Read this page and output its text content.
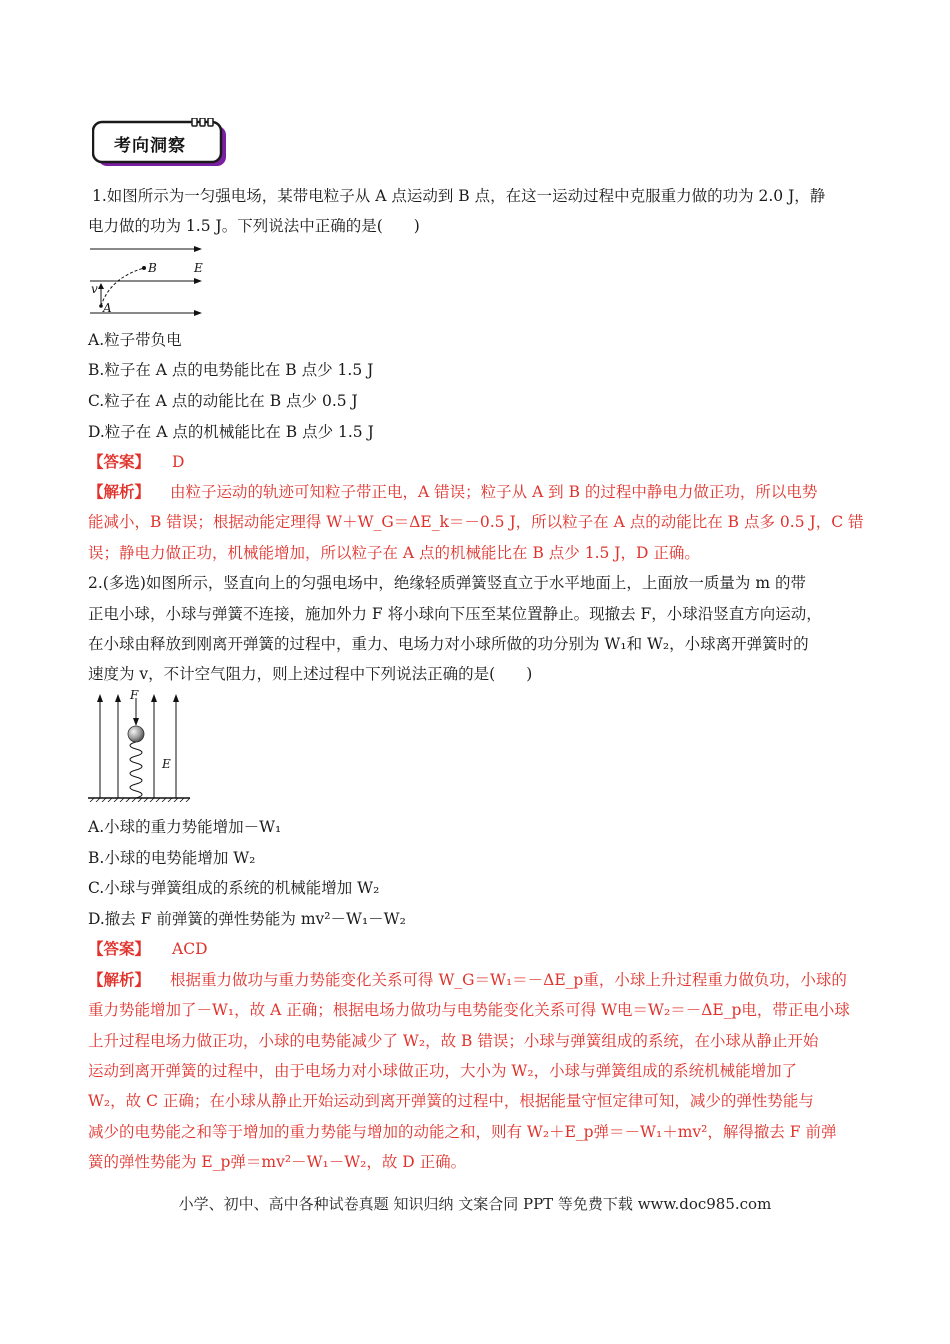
考向洞察
1.如图所示为一匀强电场，某带电粒子从 A 点运动到 B 点，在这一运动过程中克服重力做的功为 2.0 J，静
电力做的功为 1.5 J。下列说法中正确的是(　　)
B	E
v
A
A.粒子带负电
B.粒子在 A 点的电势能比在 B 点少 1.5 J
C.粒子在 A 点的动能比在 B 点少 0.5 J
D.粒子在 A 点的机械能比在 B 点少 1.5 J
【答案】 D
【解析】 由粒子运动的轨迹可知粒子带正电，A 错误；粒子从 A 到 B 的过程中静电力做正功，所以电势
能减小，B 错误；根据动能定理得 W＋W_G＝ΔE_k＝－0.5 J，所以粒子在 A 点的动能比在 B 点多 0.5 J，C 错
误；静电力做正功，机械能增加，所以粒子在 A 点的机械能比在 B 点少 1.5 J，D 正确。
2.(多选)如图所示，竖直向上的匀强电场中，绝缘轻质弹簧竖直立于水平地面上，上面放一质量为 m 的带
正电小球，小球与弹簧不连接，施加外力 F 将小球向下压至某位置静止。现撤去 F，小球沿竖直方向运动，
在小球由释放到刚离开弹簧的过程中，重力、电场力对小球所做的功分别为 W₁和 W₂，小球离开弹簧时的
速度为 v，不计空气阻力，则上述过程中下列说法正确的是(　　)
F
E
A.小球的重力势能增加－W₁
B.小球的电势能增加 W₂
C.小球与弹簧组成的系统的机械能增加 W₂
D.撤去 F 前弹簧的弹性势能为 mv²－W₁－W₂
【答案】 ACD
【解析】 根据重力做功与重力势能变化关系可得 W_G＝W₁＝－ΔE_p重，小球上升过程重力做负功，小球的
重力势能增加了－W₁，故 A 正确；根据电场力做功与电势能变化关系可得 W电＝W₂＝－ΔE_p电，带正电小球
上升过程电场力做正功，小球的电势能减少了 W₂，故 B 错误；小球与弹簧组成的系统，在小球从静止开始
运动到离开弹簧的过程中，由于电场力对小球做正功，大小为 W₂，小球与弹簧组成的系统机械能增加了
W₂，故 C 正确；在小球从静止开始运动到离开弹簧的过程中，根据能量守恒定律可知，减少的弹性势能与
减少的电势能之和等于增加的重力势能与增加的动能之和，则有 W₂＋E_p弹＝－W₁＋mv²，解得撤去 F 前弹
簧的弹性势能为 E_p弹＝mv²－W₁－W₂，故 D 正确。
小学、初中、高中各种试卷真题 知识归纳 文案合同 PPT 等免费下载 www.doc985.com
